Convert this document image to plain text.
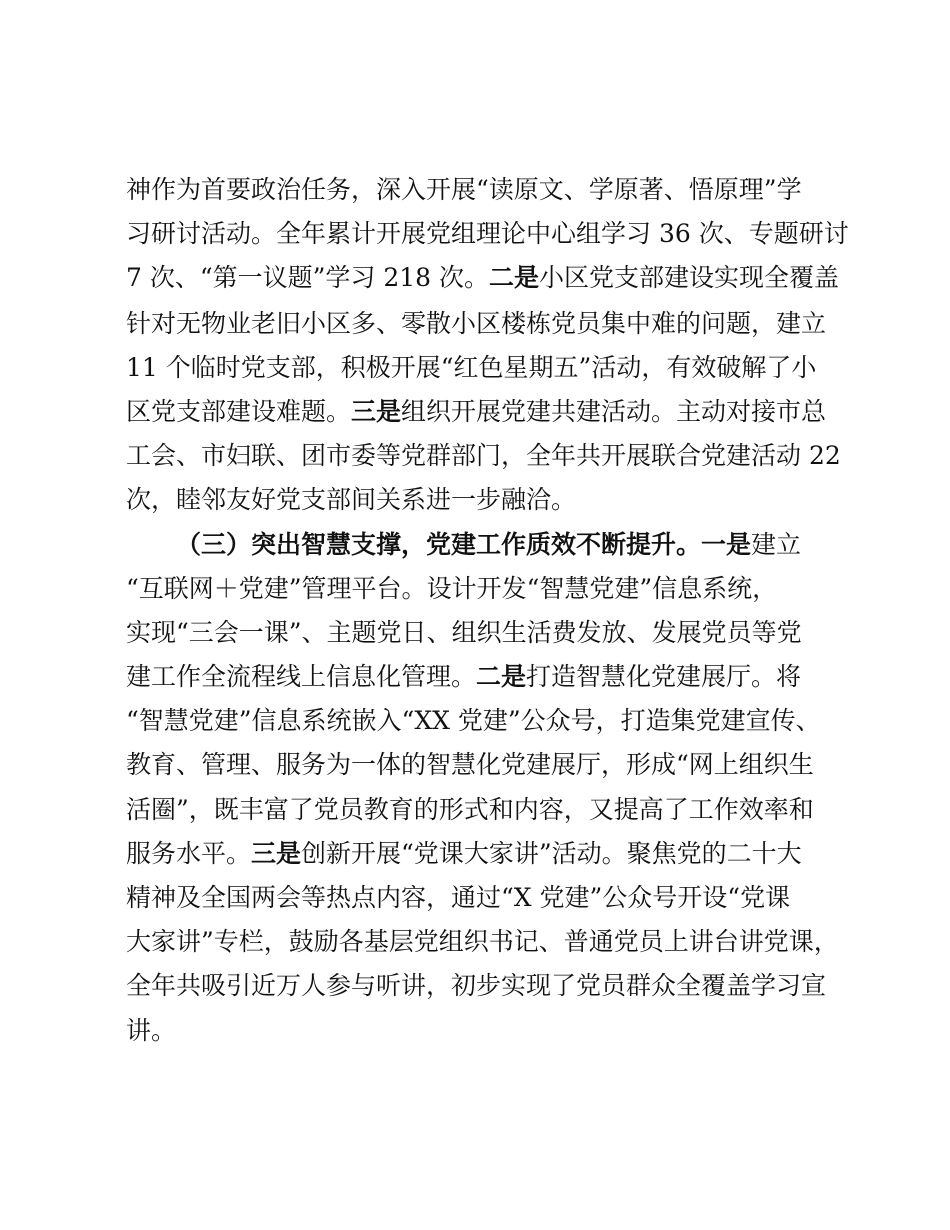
神作为首要政治任务，深入开展“读原文、学原著、悟原理”学
习研讨活动。全年累计开展党组理论中心组学习 36 次、专题研讨
7 次、“第一议题”学习 218 次。二是小区党支部建设实现全覆盖
针对无物业老旧小区多、零散小区楼栋党员集中难的问题，建立
11 个临时党支部，积极开展“红色星期五”活动，有效破解了小
区党支部建设难题。三是组织开展党建共建活动。主动对接市总
工会、市妇联、团市委等党群部门，全年共开展联合党建活动 22
次，睦邻友好党支部间关系进一步融洽。
（三）突出智慧支撑，党建工作质效不断提升。一是建立
“互联网＋党建”管理平台。设计开发“智慧党建”信息系统，
实现“三会一课”、主题党日、组织生活费发放、发展党员等党
建工作全流程线上信息化管理。二是打造智慧化党建展厅。将
“智慧党建”信息系统嵌入“XX 党建”公众号，打造集党建宣传、
教育、管理、服务为一体的智慧化党建展厅，形成“网上组织生
活圈”，既丰富了党员教育的形式和内容，又提高了工作效率和
服务水平。三是创新开展“党课大家讲”活动。聚焦党的二十大
精神及全国两会等热点内容，通过“X 党建”公众号开设“党课
大家讲”专栏，鼓励各基层党组织书记、普通党员上讲台讲党课，
全年共吸引近万人参与听讲，初步实现了党员群众全覆盖学习宣
讲。
